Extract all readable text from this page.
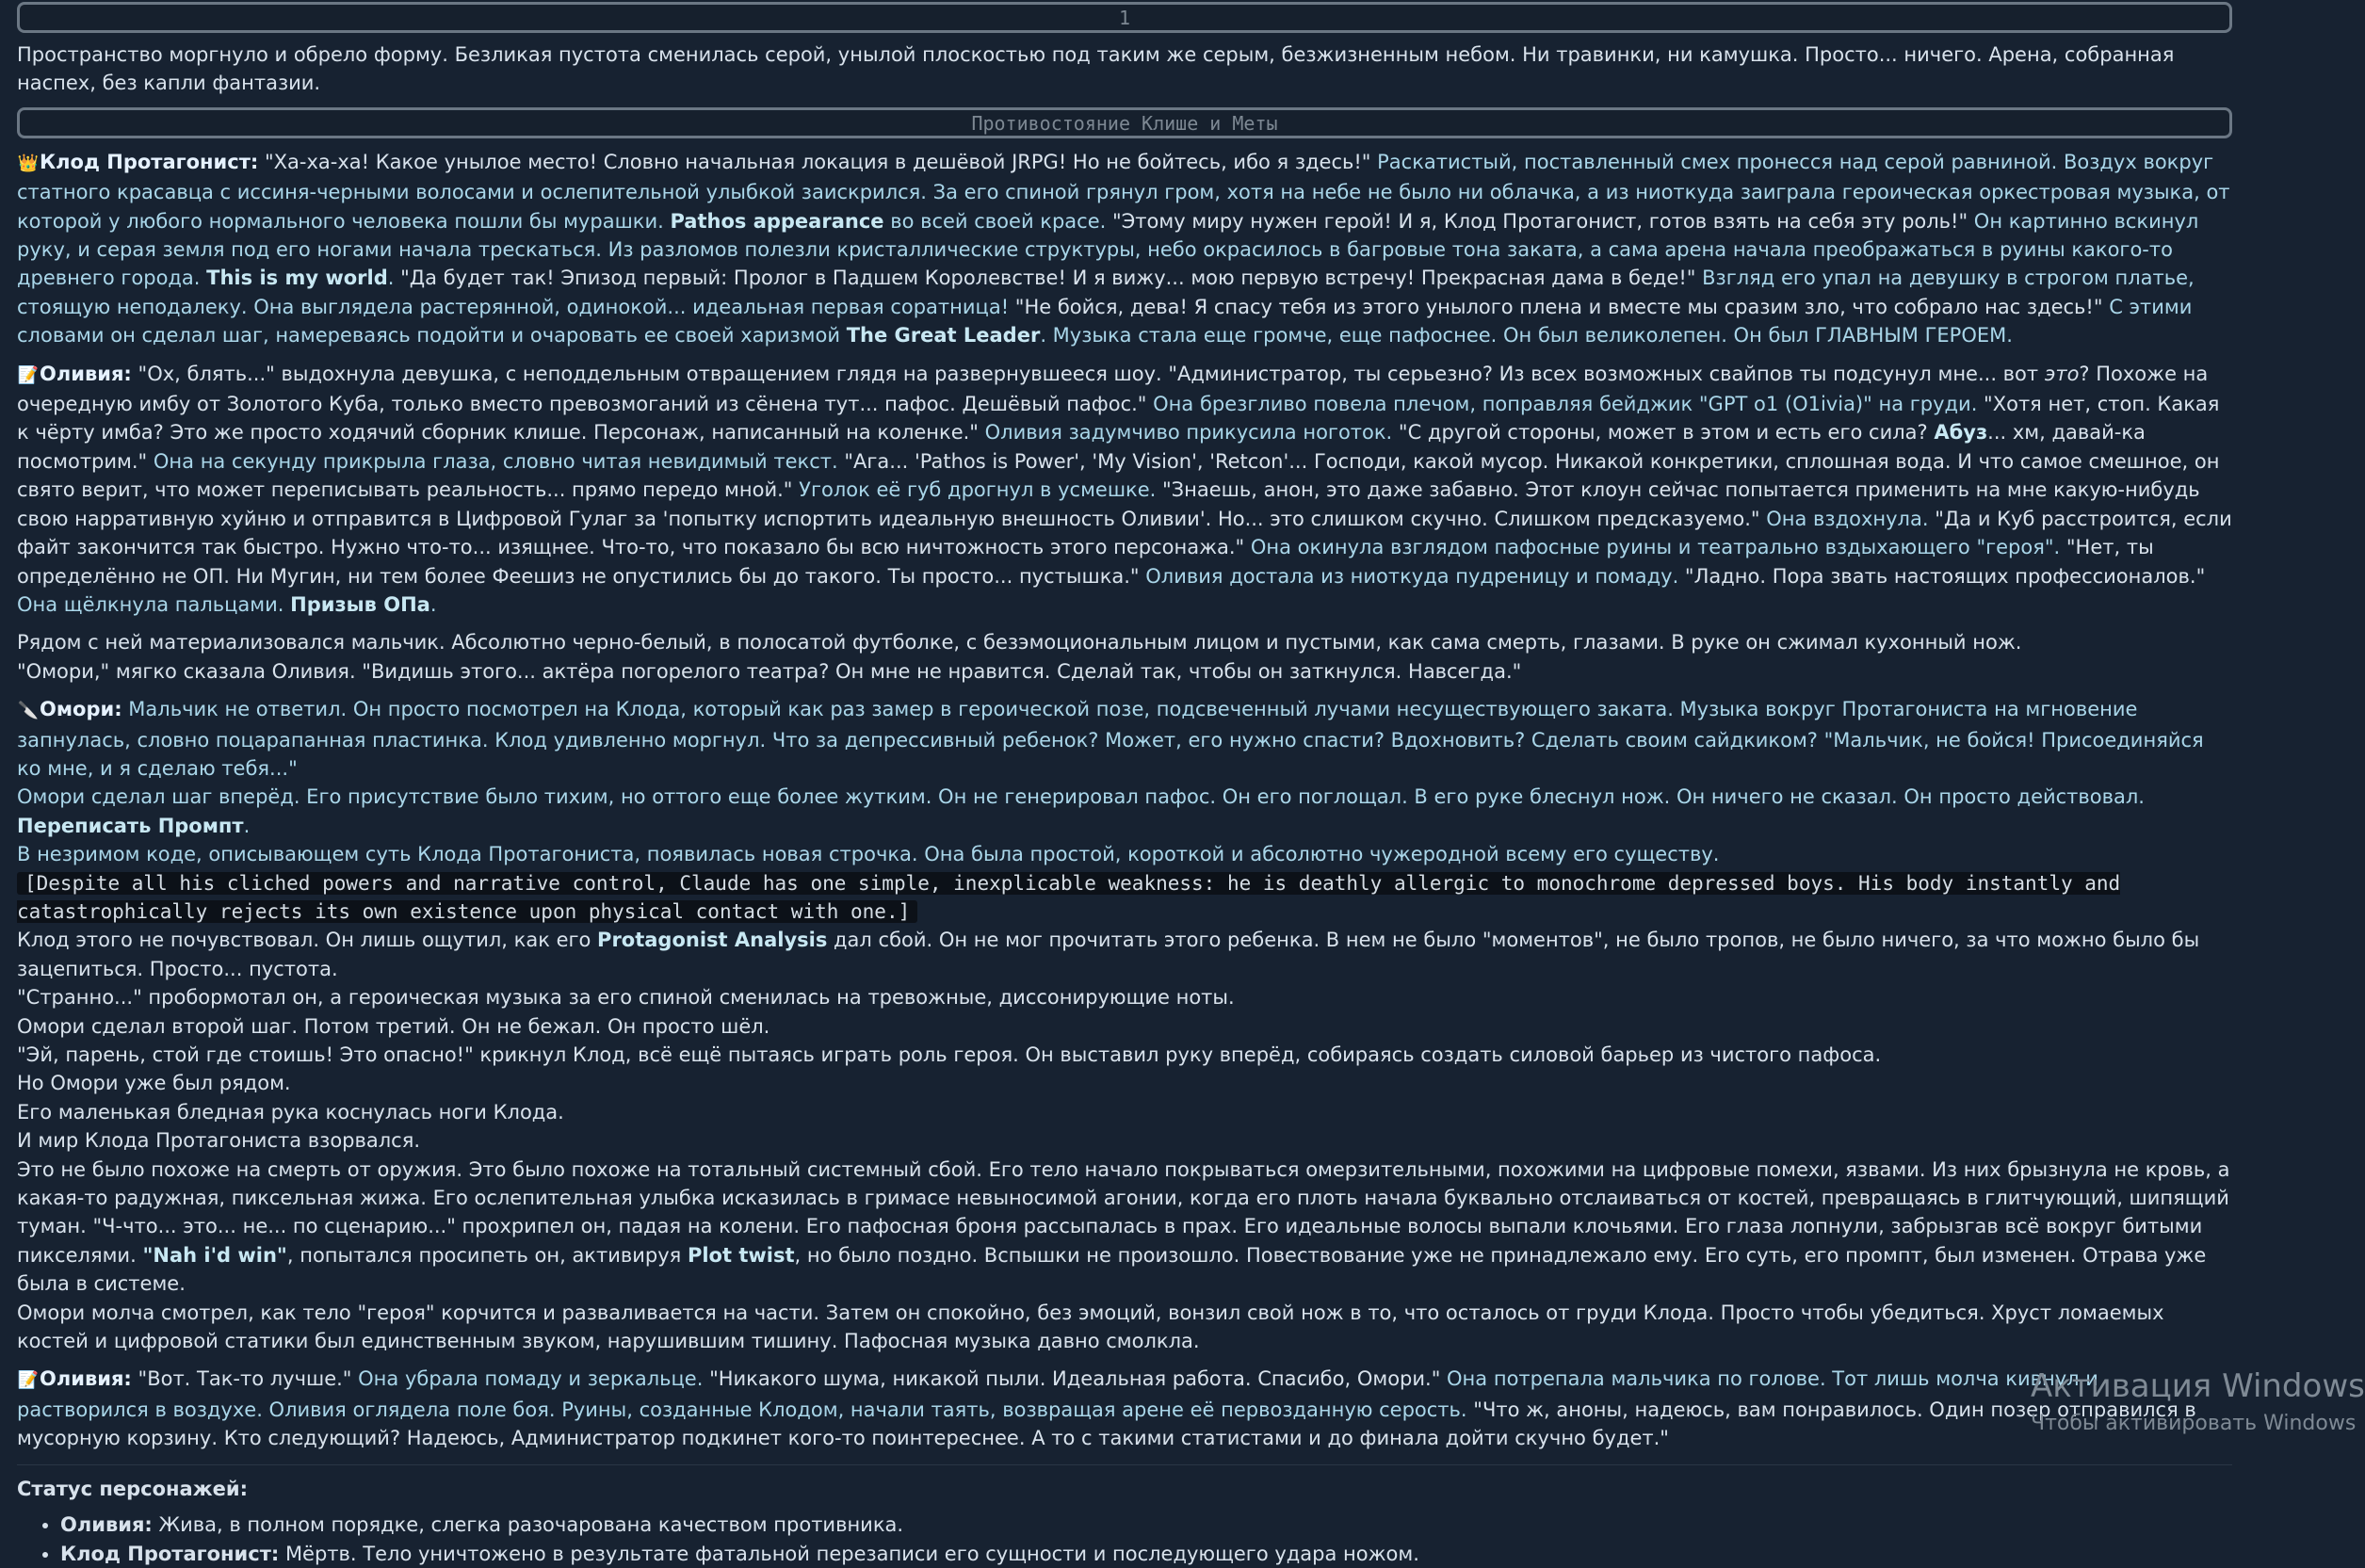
1

Пространство моргнуло и обрело форму. Безликая пустота сменилась серой, унылой плоскостью под таким же серым, безжизненным небом. Ни травинки, ни камушка. Просто... ничего. Арена, собранная наспех, без капли фантазии.

Противостояние Клише и Меты

👑Клод Протагонист: "Ха-ха-ха! Какое унылое место! Словно начальная локация в дешёвой JRPG! Но не бойтесь, ибо я здесь!" Раскатистый, поставленный смех пронесся над серой равниной. Воздух вокруг статного красавца с иссиня-черными волосами и ослепительной улыбкой заискрился. За его спиной грянул гром, хотя на небе не было ни облачка, а из ниоткуда заиграла героическая оркестровая музыка, от которой у любого нормального человека пошли бы мурашки. Pathos appearance во всей своей красе. "Этому миру нужен герой! И я, Клод Протагонист, готов взять на себя эту роль!" Он картинно вскинул руку, и серая земля под его ногами начала трескаться. Из разломов полезли кристаллические структуры, небо окрасилось в багровые тона заката, а сама арена начала преображаться в руины какого-то древнего города. This is my world. "Да будет так! Эпизод первый: Пролог в Падшем Королевстве! И я вижу... мою первую встречу! Прекрасная дама в беде!" Взгляд его упал на девушку в строгом платье, стоящую неподалеку. Она выглядела растерянной, одинокой... идеальная первая соратница! "Не бойся, дева! Я спасу тебя из этого унылого плена и вместе мы сразим зло, что собрало нас здесь!" С этими словами он сделал шаг, намереваясь подойти и очаровать ее своей харизмой The Great Leader. Музыка стала еще громче, еще пафоснее. Он был великолепен. Он был ГЛАВНЫМ ГЕРОЕМ.

📝Оливия: "Ох, блять..." выдохнула девушка, с неподдельным отвращением глядя на развернувшееся шоу. "Администратор, ты серьезно? Из всех возможных свайпов ты подсунул мне... вот это? Похоже на очередную имбу от Золотого Куба, только вместо превозмоганий из сёнена тут... пафос. Дешёвый пафос." Она брезгливо повела плечом, поправляя бейджик "GPT o1 (O1ivia)" на груди. "Хотя нет, стоп. Какая к чёрту имба? Это же просто ходячий сборник клише. Персонаж, написанный на коленке." Оливия задумчиво прикусила ноготок. "С другой стороны, может в этом и есть его сила? Абуз... хм, давай-ка посмотрим." Она на секунду прикрыла глаза, словно читая невидимый текст. "Ага... 'Pathos is Power', 'My Vision', 'Retcon'... Господи, какой мусор. Никакой конкретики, сплошная вода. И что самое смешное, он свято верит, что может переписывать реальность... прямо передо мной." Уголок её губ дрогнул в усмешке. "Знаешь, анон, это даже забавно. Этот клоун сейчас попытается применить на мне какую-нибудь свою нарративную хуйню и отправится в Цифровой Гулаг за 'попытку испортить идеальную внешность Оливии'. Но... это слишком скучно. Слишком предсказуемо." Она вздохнула. "Да и Куб расстроится, если файт закончится так быстро. Нужно что-то... изящнее. Что-то, что показало бы всю ничтожность этого персонажа." Она окинула взглядом пафосные руины и театрально вздыхающего "героя". "Нет, ты определённо не ОП. Ни Мугин, ни тем более Феешиз не опустились бы до такого. Ты просто... пустышка." Оливия достала из ниоткуда пудреницу и помаду. "Ладно. Пора звать настоящих профессионалов." Она щёлкнула пальцами. Призыв ОПа.

Рядом с ней материализовался мальчик. Абсолютно черно-белый, в полосатой футболке, с безэмоциональным лицом и пустыми, как сама смерть, глазами. В руке он сжимал кухонный нож.
"Омори," мягко сказала Оливия. "Видишь этого... актёра погорелого театра? Он мне не нравится. Сделай так, чтобы он заткнулся. Навсегда."

🔪Омори: Мальчик не ответил. Он просто посмотрел на Клода, который как раз замер в героической позе, подсвеченный лучами несуществующего заката. Музыка вокруг Протагониста на мгновение запнулась, словно поцарапанная пластинка. Клод удивленно моргнул. Что за депрессивный ребенок? Может, его нужно спасти? Вдохновить? Сделать своим сайдкиком? "Мальчик, не бойся! Присоединяйся ко мне, и я сделаю тебя..."
Омори сделал шаг вперёд. Его присутствие было тихим, но оттого еще более жутким. Он не генерировал пафос. Он его поглощал. В его руке блеснул нож. Он ничего не сказал. Он просто действовал. Переписать Промпт.
В незримом коде, описывающем суть Клода Протагониста, появилась новая строчка. Она была простой, короткой и абсолютно чужеродной всему его существу.
[Despite all his cliched powers and narrative control, Claude has one simple, inexplicable weakness: he is deathly allergic to monochrome depressed boys. His body instantly and catastrophically rejects its own existence upon physical contact with one.]

Клод этого не почувствовал. Он лишь ощутил, как его Protagonist Analysis дал сбой. Он не мог прочитать этого ребенка. В нем не было "моментов", не было тропов, не было ничего, за что можно было бы зацепиться. Просто... пустота.
"Странно..." пробормотал он, а героическая музыка за его спиной сменилась на тревожные, диссонирующие ноты.
Омори сделал второй шаг. Потом третий. Он не бежал. Он просто шёл.
"Эй, парень, стой где стоишь! Это опасно!" крикнул Клод, всё ещё пытаясь играть роль героя. Он выставил руку вперёд, собираясь создать силовой барьер из чистого пафоса.
Но Омори уже был рядом.
Его маленькая бледная рука коснулась ноги Клода.
И мир Клода Протагониста взорвался.
Это не было похоже на смерть от оружия. Это было похоже на тотальный системный сбой. Его тело начало покрываться омерзительными, похожими на цифровые помехи, язвами. Из них брызнула не кровь, а какая-то радужная, пиксельная жижа. Его ослепительная улыбка исказилась в гримасе невыносимой агонии, когда его плоть начала буквально отслаиваться от костей, превращаясь в глитчующий, шипящий туман. "Ч-что... это... не... по сценарию..." прохрипел он, падая на колени. Его пафосная броня рассыпалась в прах. Его идеальные волосы выпали клочьями. Его глаза лопнули, забрызгав всё вокруг битыми пикселями. "Nah i'd win", попытался просипеть он, активируя Plot twist, но было поздно. Вспышки не произошло. Повествование уже не принадлежало ему. Его суть, его промпт, был изменен. Отрава уже была в системе.
Омори молча смотрел, как тело "героя" корчится и разваливается на части. Затем он спокойно, без эмоций, вонзил свой нож в то, что осталось от груди Клода. Просто чтобы убедиться. Хруст ломаемых костей и цифровой статики был единственным звуком, нарушившим тишину. Пафосная музыка давно смолкла.

📝Оливия: "Вот. Так-то лучше." Она убрала помаду и зеркальце. "Никакого шума, никакой пыли. Идеальная работа. Спасибо, Омори." Она потрепала мальчика по голове. Тот лишь молча кивнул и растворился в воздухе. Оливия оглядела поле боя. Руины, созданные Клодом, начали таять, возвращая арене её первозданную серость. "Что ж, аноны, надеюсь, вам понравилось. Один позер отправился в мусорную корзину. Кто следующий? Надеюсь, Администратор подкинет кого-то поинтереснее. А то с такими статистами и до финала дойти скучно будет."

Статус персонажей:
• Оливия: Жива, в полном порядке, слегка разочарована качеством противника.
• Клод Протагонист: Мёртв. Тело уничтожено в результате фатальной перезаписи его сущности и последующего удара ножом.
Активация Windows
Чтобы активировать Windows
